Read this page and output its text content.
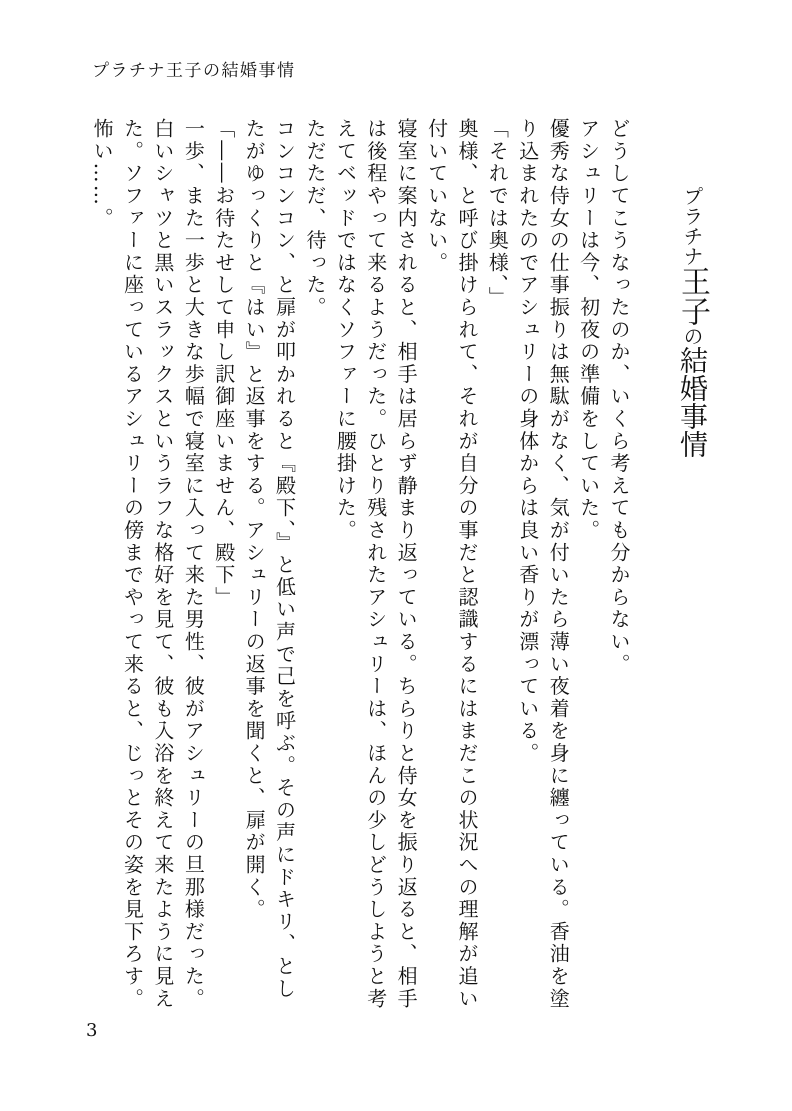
プラチナ王子の結婚事情
プラチナ王子の結婚事情

どうしてこうなったのか、いくら考えても分からない。

アシュリーは今、初夜の準備をしていた。

優秀な侍女の仕事振りは無駄がなく、気が付いたら薄い夜着を身に纏っている。香油を塗り込まれたのでアシュリーの身体からは良い香りが漂っている。

「それでは奥様、」

奥様、と呼び掛けられて、それが自分の事だと認識するにはまだこの状況への理解が追い付いていない。

寝室に案内されると、相手は居らず静まり返っている。ちらりと侍女を振り返ると、相手は後程やって来るようだった。ひとり残されたアシュリーは、ほんの少しどうしようと考えてベッドではなくソファーに腰掛けた。

ただただ、待った。

コンコンコン、と扉が叩かれると『殿下、』と低い声で己を呼ぶ。その声にドキリ、としたがゆっくりと『はい』と返事をする。アシュリーの返事を聞くと、扉が開く。

「――お待たせして申し訳御座いません、殿下」

一歩、また一歩と大きな歩幅で寝室に入って来た男性、彼がアシュリーの旦那様だった。

白いシャツと黒いスラックスというラフな格好を見て、彼も入浴を終えて来たように見えた。ソファーに座っているアシュリーの傍までやって来ると、じっとその姿を見下ろす。

怖い……。

3
